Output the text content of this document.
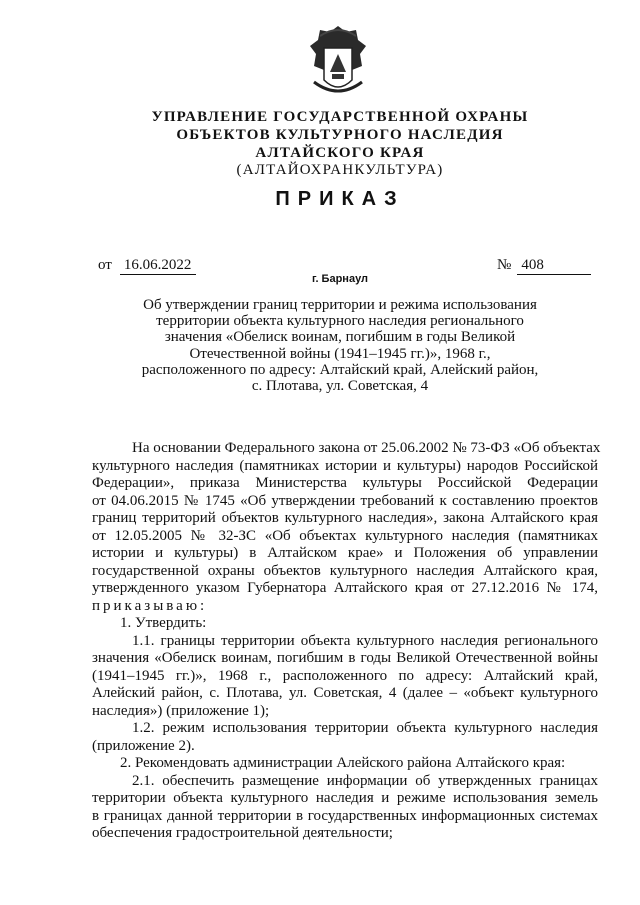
УПРАВЛЕНИЕ ГОСУДАРСТВЕННОЙ ОХРАНЫ
ОБЪЕКТОВ КУЛЬТУРНОГО НАСЛЕДИЯ
АЛТАЙСКОГО КРАЯ
(АЛТАЙОХРАНКУЛЬТУРА)
ПРИКАЗ
от 16.06.2022	№ 408
г. Барнаул
Об утверждении границ территории и режима использования
территории объекта культурного наследия регионального
значения «Обелиск воинам, погибшим в годы Великой
Отечественной войны (1941–1945 гг.)», 1968 г.,
расположенного по адресу: Алтайский край, Алейский район,
с. Плотава, ул. Советская, 4
На основании Федерального закона от 25.06.2002 № 73-ФЗ «Об объектах
культурного наследия (памятниках истории и культуры) народов Российской
Федерации», приказа Министерства культуры Российской Федерации
от 04.06.2015 № 1745 «Об утверждении требований к составлению проектов
границ территорий объектов культурного наследия», закона Алтайского края
от 12.05.2005 № 32-ЗС «Об объектах культурного наследия (памятниках
истории и культуры) в Алтайском крае» и Положения об управлении
государственной охраны объектов культурного наследия Алтайского края,
утвержденного указом Губернатора Алтайского края от 27.12.2016 № 174,
приказываю:
1. Утвердить:
1.1. границы территории объекта культурного наследия регионального
значения «Обелиск воинам, погибшим в годы Великой Отечественной войны
(1941–1945 гг.)», 1968 г., расположенного по адресу: Алтайский край,
Алейский район, с. Плотава, ул. Советская, 4 (далее – «объект культурного
наследия») (приложение 1);
1.2. режим использования территории объекта культурного наследия
(приложение 2).
2. Рекомендовать администрации Алейского района Алтайского края:
2.1. обеспечить размещение информации об утвержденных границах
территории объекта культурного наследия и режиме использования земель
в границах данной территории в государственных информационных системах
обеспечения градостроительной деятельности;
